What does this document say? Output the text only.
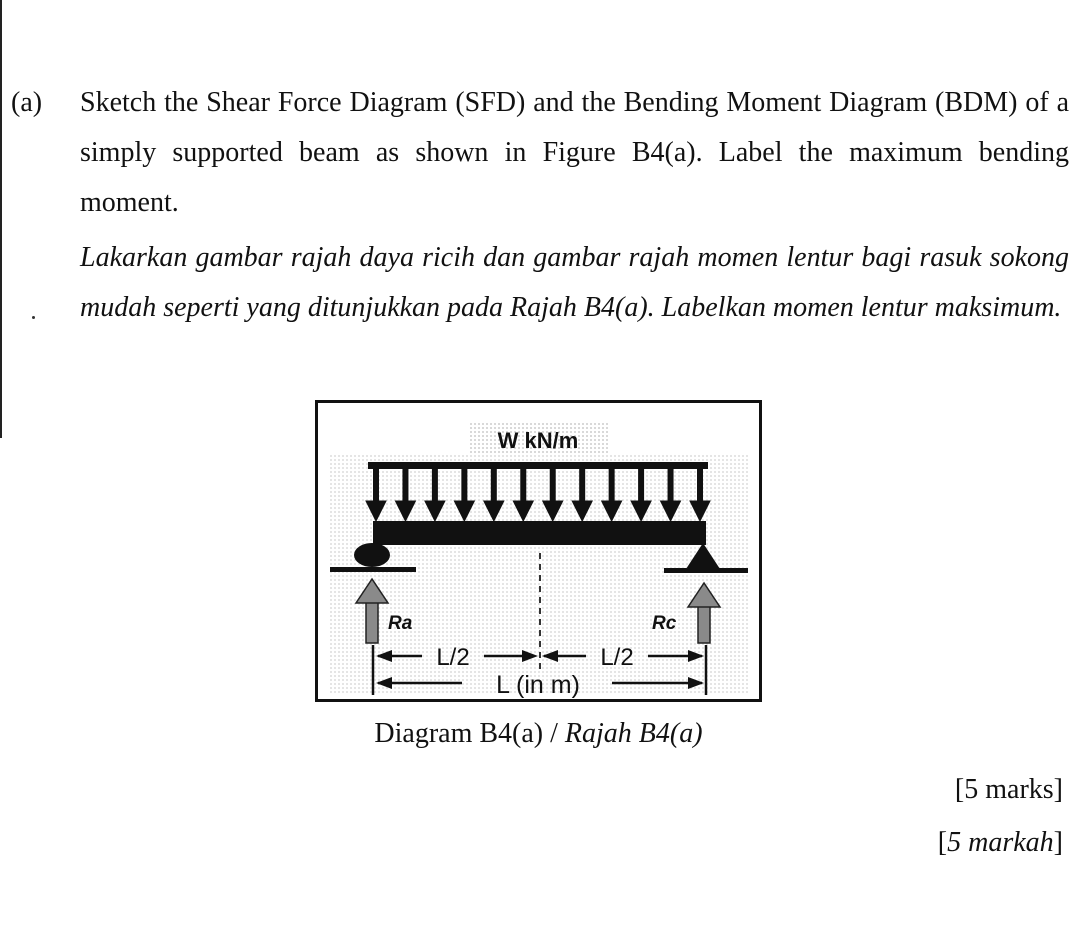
(a) Sketch the Shear Force Diagram (SFD) and the Bending Moment Diagram (BDM) of a simply supported beam as shown in Figure B4(a). Label the maximum bending moment.

Lakarkan gambar rajah daya ricih dan gambar rajah momen lentur bagi rasuk sokong mudah seperti yang ditunjukkan pada Rajah B4(a). Labelkan momen lentur maksimum.

W kN/m
Ra	Rc
L/2	L/2
L (in m)
Diagram B4(a) / Rajah B4(a)
[5 marks]
[5 markah]
